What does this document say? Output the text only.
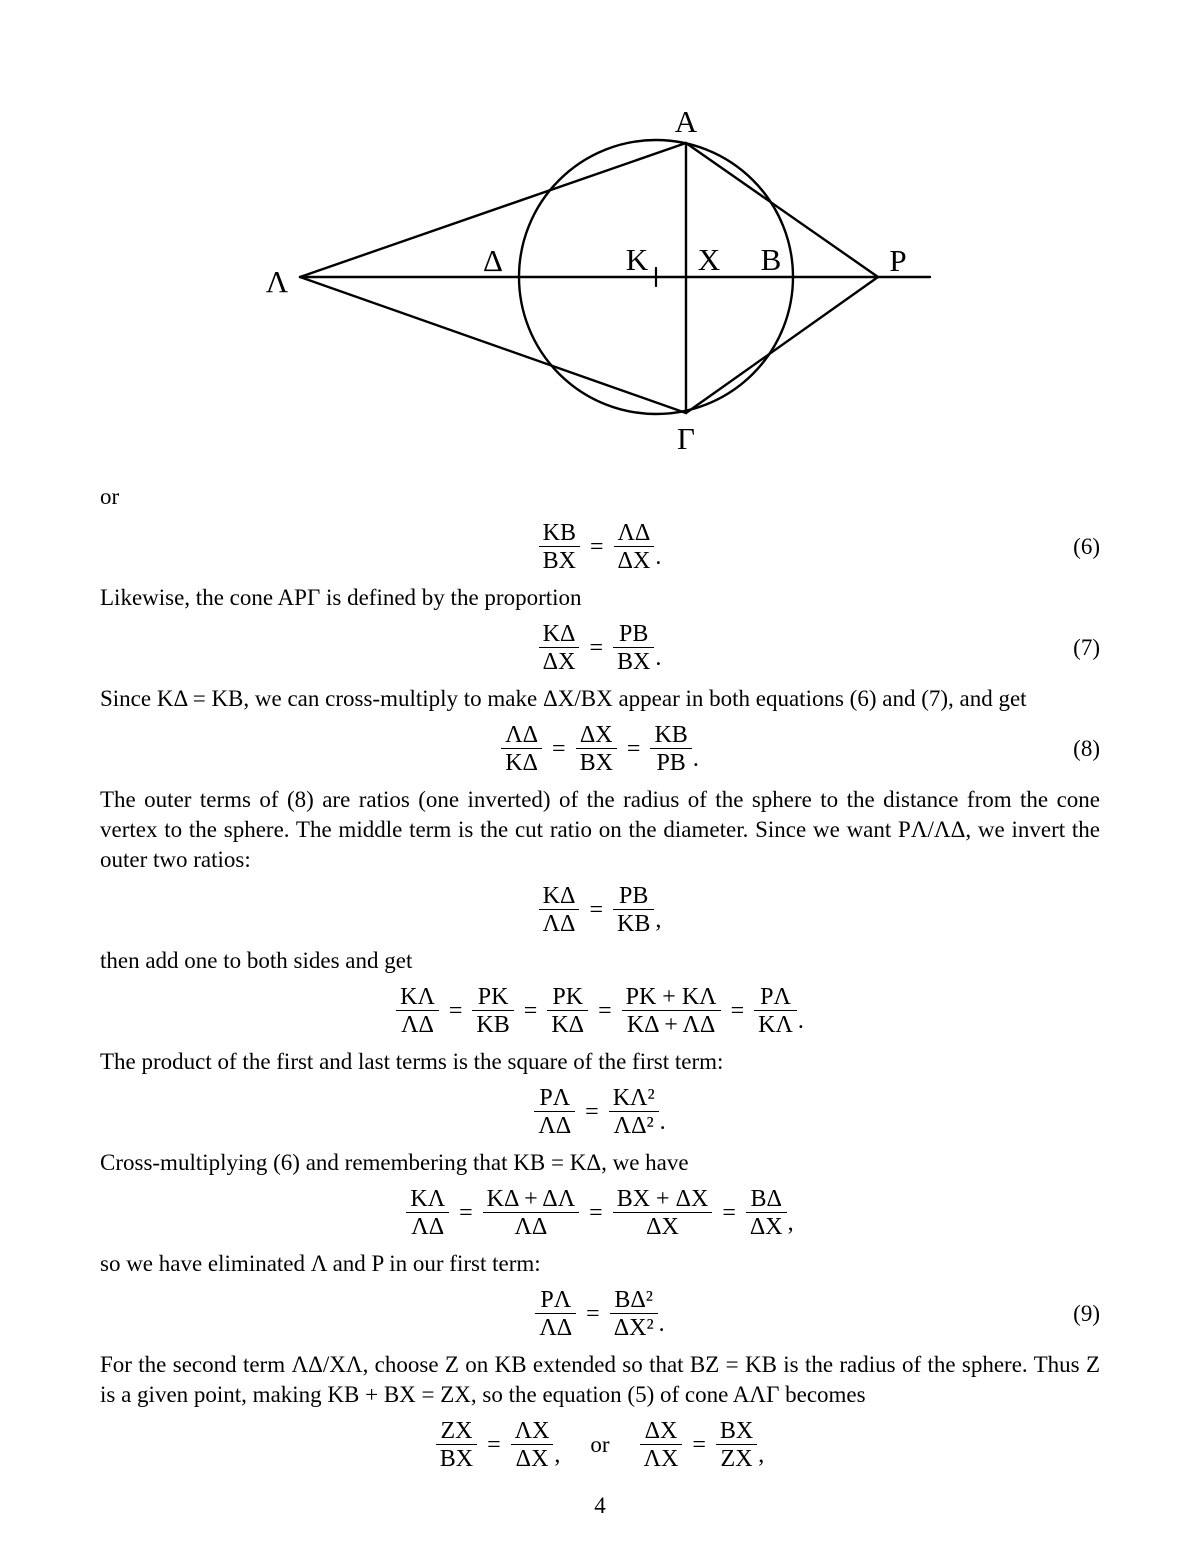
A
Γ
Λ
Δ	K X B	P

or

$\frac{KB}{BX} = \frac{\Lambda\Delta}{\Delta X}$ .	(6)

Likewise, the cone APΓ is defined by the proportion

$\frac{K\Delta}{\Delta X} = \frac{PB}{BX}$ .	(7)

Since KΔ = KB, we can cross-multiply to make ΔX/BX appear in both equations (6) and (7), and get

$\frac{\Lambda\Delta}{K\Delta} = \frac{\Delta X}{BX} = \frac{KB}{PB}$ .	(8)

The outer terms of (8) are ratios (one inverted) of the radius of the sphere to the distance from the cone vertex to the sphere. The middle term is the cut ratio on the diameter. Since we want PΛ/ΛΔ, we invert the outer two ratios:

$\frac{K\Delta}{\Lambda\Delta} = \frac{PB}{KB}$ ,

then add one to both sides and get

$\frac{K\Lambda}{\Lambda\Delta} = \frac{PK}{KB} = \frac{PK}{K\Delta} = \frac{PK + K\Lambda}{K\Delta + \Lambda\Delta} = \frac{P\Lambda}{K\Lambda}$ .

The product of the first and last terms is the square of the first term:

$\frac{P\Lambda}{\Lambda\Delta} = \frac{\text{KΛ²}}{\text{ΛΔ²}}$ .

Cross-multiplying (6) and remembering that KB = KΔ, we have

$\frac{K\Lambda}{\Lambda\Delta} = \frac{K\Delta + \Delta\Lambda}{\Lambda\Delta} = \frac{BX + \Delta X}{\Delta X} = \frac{B\Delta}{\Delta X}$ ,

so we have eliminated Λ and P in our first term:

$\frac{P\Lambda}{\Lambda\Delta} = \frac{\text{BΔ²}}{\text{ΔX²}}$ .	(9)

For the second term ΛΔ/XΛ, choose Z on KB extended so that BZ = KB is the radius of the sphere. Thus Z is a given point, making KB + BX = ZX, so the equation (5) of cone AΛΓ becomes

$\frac{ZX}{BX} = \frac{\Lambda X}{\Delta X}$ , or $\frac{\Delta X}{\Lambda X} = \frac{BX}{ZX}$ ,
4
